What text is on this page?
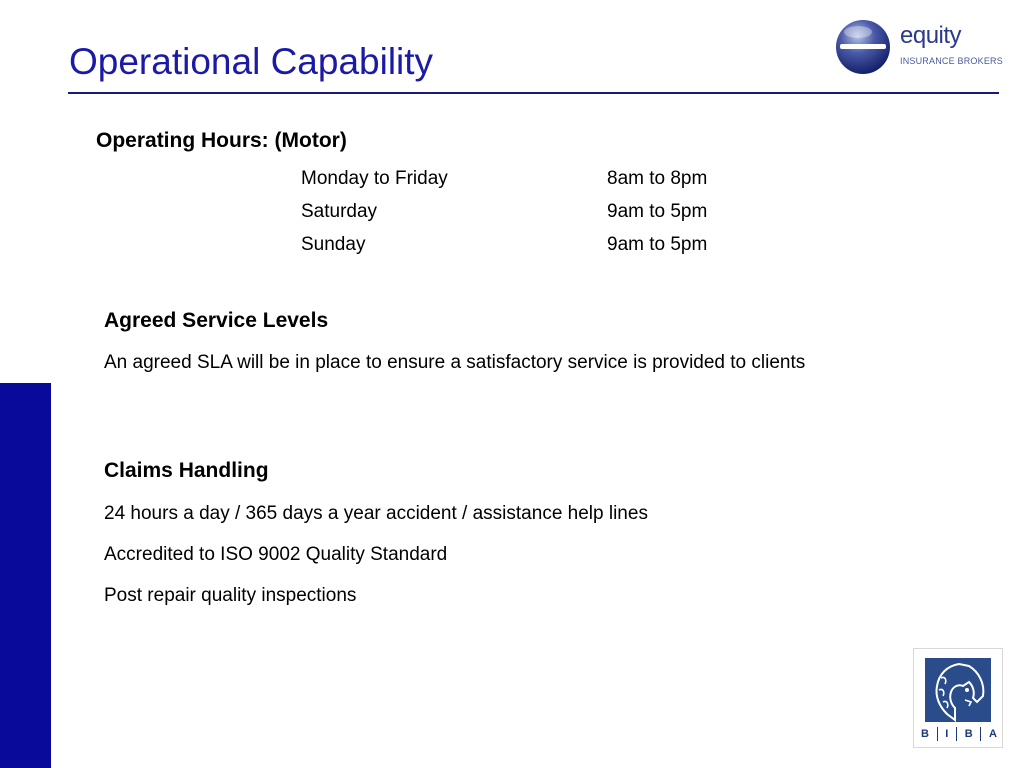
Operational Capability
equity
INSURANCE BROKERS
Operating Hours: (Motor)
Monday to Friday	8am to 8pm
Saturday	9am to 5pm
Sunday	9am to 5pm
Agreed Service Levels

An agreed SLA will be in place to ensure a satisfactory service is provided to clients

Claims Handling

24 hours a day / 365 days a year accident / assistance help lines

Accredited to ISO 9002 Quality Standard

Post repair quality inspections

B I B A
